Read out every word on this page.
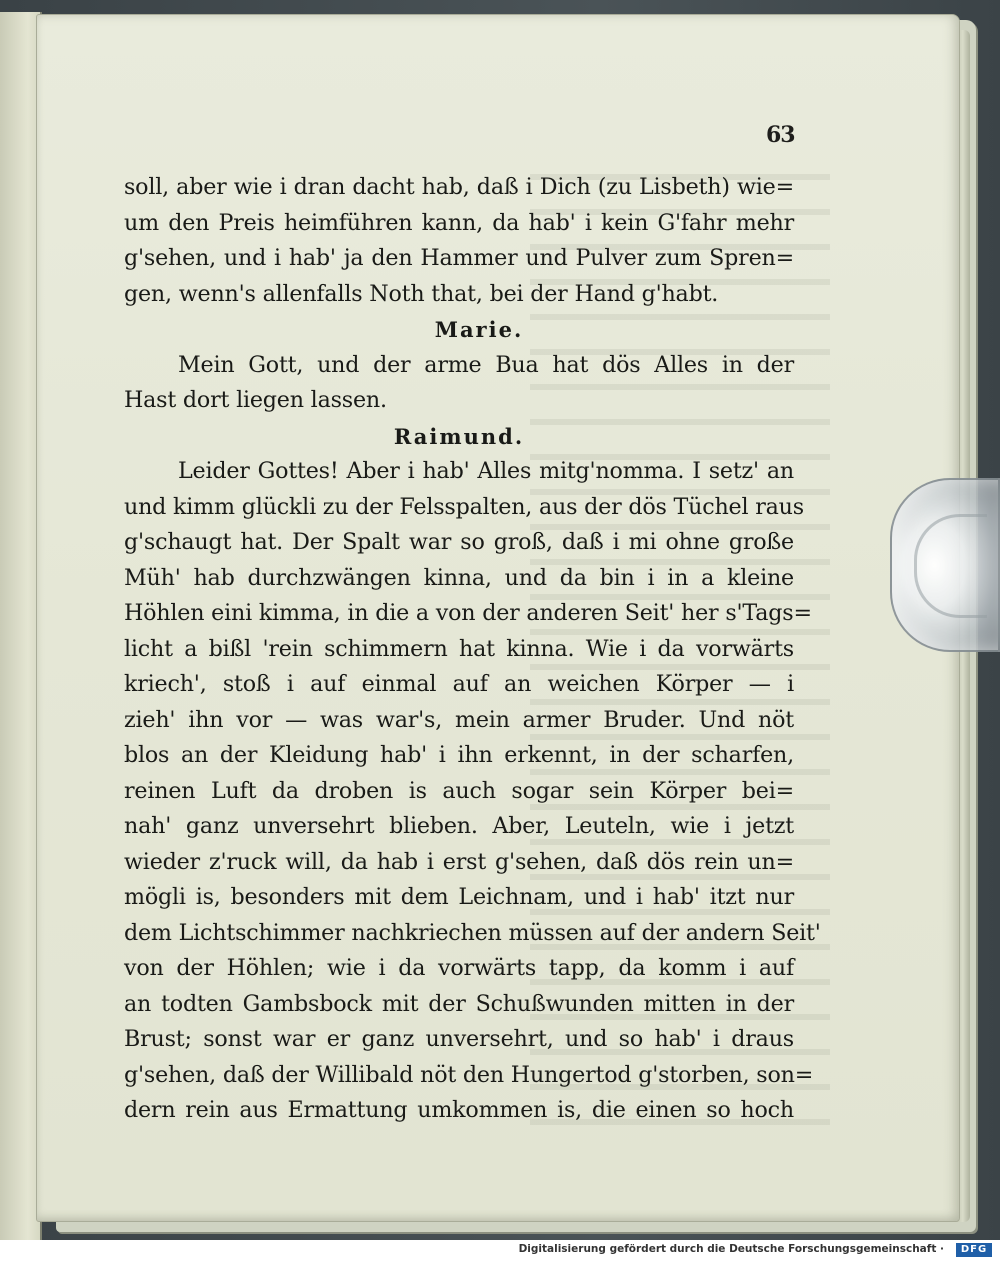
63
soll, aber wie i dran dacht hab, daß i Dich (zu Lisbeth) wie=
um den Preis heimführen kann, da hab' i kein G'fahr mehr
g'sehen, und i hab' ja den Hammer und Pulver zum Spren=
gen, wenn's allenfalls Noth that, bei der Hand g'habt.
Marie.
Mein Gott, und der arme Bua hat dös Alles in der
Hast dort liegen lassen.
Raimund.
Leider Gottes! Aber i hab' Alles mitg'nomma. I setz' an
und kimm glückli zu der Felsspalten, aus der dös Tüchel raus
g'schaugt hat. Der Spalt war so groß, daß i mi ohne große
Müh' hab durchzwängen kinna, und da bin i in a kleine
Höhlen eini kimma, in die a von der anderen Seit' her s'Tags=
licht a bißl 'rein schimmern hat kinna. Wie i da vorwärts
kriech', stoß i auf einmal auf an weichen Körper — i
zieh' ihn vor — was war's, mein armer Bruder. Und nöt
blos an der Kleidung hab' i ihn erkennt, in der scharfen,
reinen Luft da droben is auch sogar sein Körper bei=
nah' ganz unversehrt blieben. Aber, Leuteln, wie i jetzt
wieder z'ruck will, da hab i erst g'sehen, daß dös rein un=
mögli is, besonders mit dem Leichnam, und i hab' itzt nur
dem Lichtschimmer nachkriechen müssen auf der andern Seit'
von der Höhlen; wie i da vorwärts tapp, da komm i auf
an todten Gambsbock mit der Schußwunden mitten in der
Brust; sonst war er ganz unversehrt, und so hab' i draus
g'sehen, daß der Willibald nöt den Hungertod g'storben, son=
dern rein aus Ermattung umkommen is, die einen so hoch
Digitalisierung gefördert durch die Deutsche Forschungsgemeinschaft ·	DFG
